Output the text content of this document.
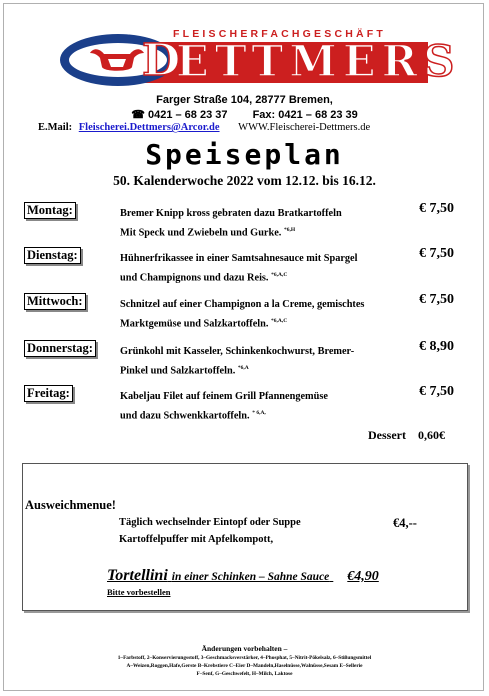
FLEISCHERFACHGESCHÄFT
D
ETTMERS
Farger Straße 104, 28777 Bremen,
☎ 0421 – 68 23 37 Fax: 0421 – 68 23 39
E.Mail: Fleischerei.Dettmers@Arcor.de WWW.Fleischerei-Dettmers.de
Speiseplan
50. Kalenderwoche 2022 vom 12.12. bis 16.12.
Montag:	Bremer Knipp kross gebraten dazu Bratkartoffeln
Mit Speck und Zwiebeln und Gurke. $^{*6,H}$
€ 7,50
Dienstag:	Hühnerfrikassee in einer Samtsahnesauce mit Spargel
und Champignons und dazu Reis. $^{*6,A,C}$
€ 7,50
Mittwoch:	Schnitzel auf einer Champignon a la Creme, gemischtes
Marktgemüse und Salzkartoffeln. $^{*6,A,C}$
€ 7,50
Donnerstag:	Grünkohl mit Kasseler, Schinkenkochwurst, Bremer-
Pinkel und Salzkartoffeln. $^{*6,A}$
€ 8,90
Freitag:	Kabeljau Filet auf feinem Grill Pfannengemüse
und dazu Schwenkkartoffeln. $^{* 6,A,}$
€ 7,50
Dessert 0,60€
Ausweichmenue!
Täglich wechselnder Eintopf oder Suppe	€4,--
Kartoffelpuffer mit Apfelkompott,
Tortellini in einer Schinken – Sahne Sauce €4,90
Bitte vorbestellen
Änderungen vorbehalten –
1–Farbstoff, 2–Konservierungsstoff, 3–Geschmacksverstärker, 4–Phosphat, 5–Nitrit-Pökelsalz, 6–Stißungsmittel
A–Weizen,Roggen,Hafe,Gerste B–Krebstiere C–Eier D–Mandeln,Haselnüsse,Walnüsse,Sesam E–Sellerie
F–Senf, G–Geschwefelt, H–Milch, Laktose
